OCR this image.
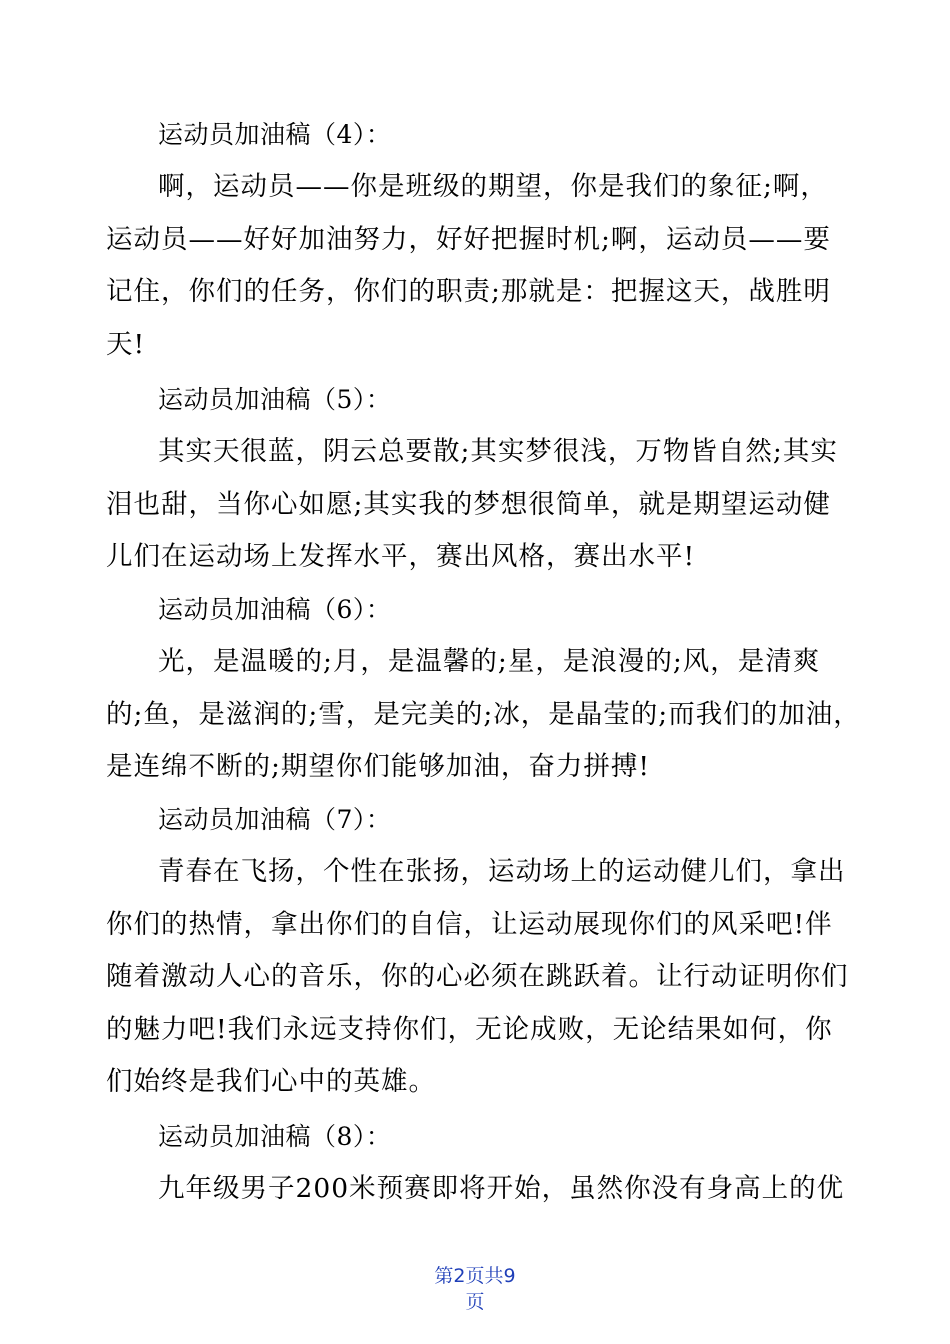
运动员加油稿（4）：
啊，运动员——你是班级的期望，你是我们的象征;啊，
运动员——好好加油努力，好好把握时机;啊，运动员——要
记住，你们的任务，你们的职责;那就是：把握这天，战胜明
天!
运动员加油稿（5）：
其实天很蓝，阴云总要散;其实梦很浅，万物皆自然;其实
泪也甜，当你心如愿;其实我的梦想很简单，就是期望运动健
儿们在运动场上发挥水平，赛出风格，赛出水平!
运动员加油稿（6）：
光，是温暖的;月，是温馨的;星，是浪漫的;风，是清爽
的;鱼，是滋润的;雪，是完美的;冰，是晶莹的;而我们的加油，
是连绵不断的;期望你们能够加油，奋力拼搏!
运动员加油稿（7）：
青春在飞扬，个性在张扬，运动场上的运动健儿们，拿出
你们的热情，拿出你们的自信，让运动展现你们的风采吧!伴
随着激动人心的音乐，你的心必须在跳跃着。让行动证明你们
的魅力吧!我们永远支持你们，无论成败，无论结果如何，你
们始终是我们心中的英雄。
运动员加油稿（8）：
九年级男子200米预赛即将开始，虽然你没有身高上的优
第2页共9
页
